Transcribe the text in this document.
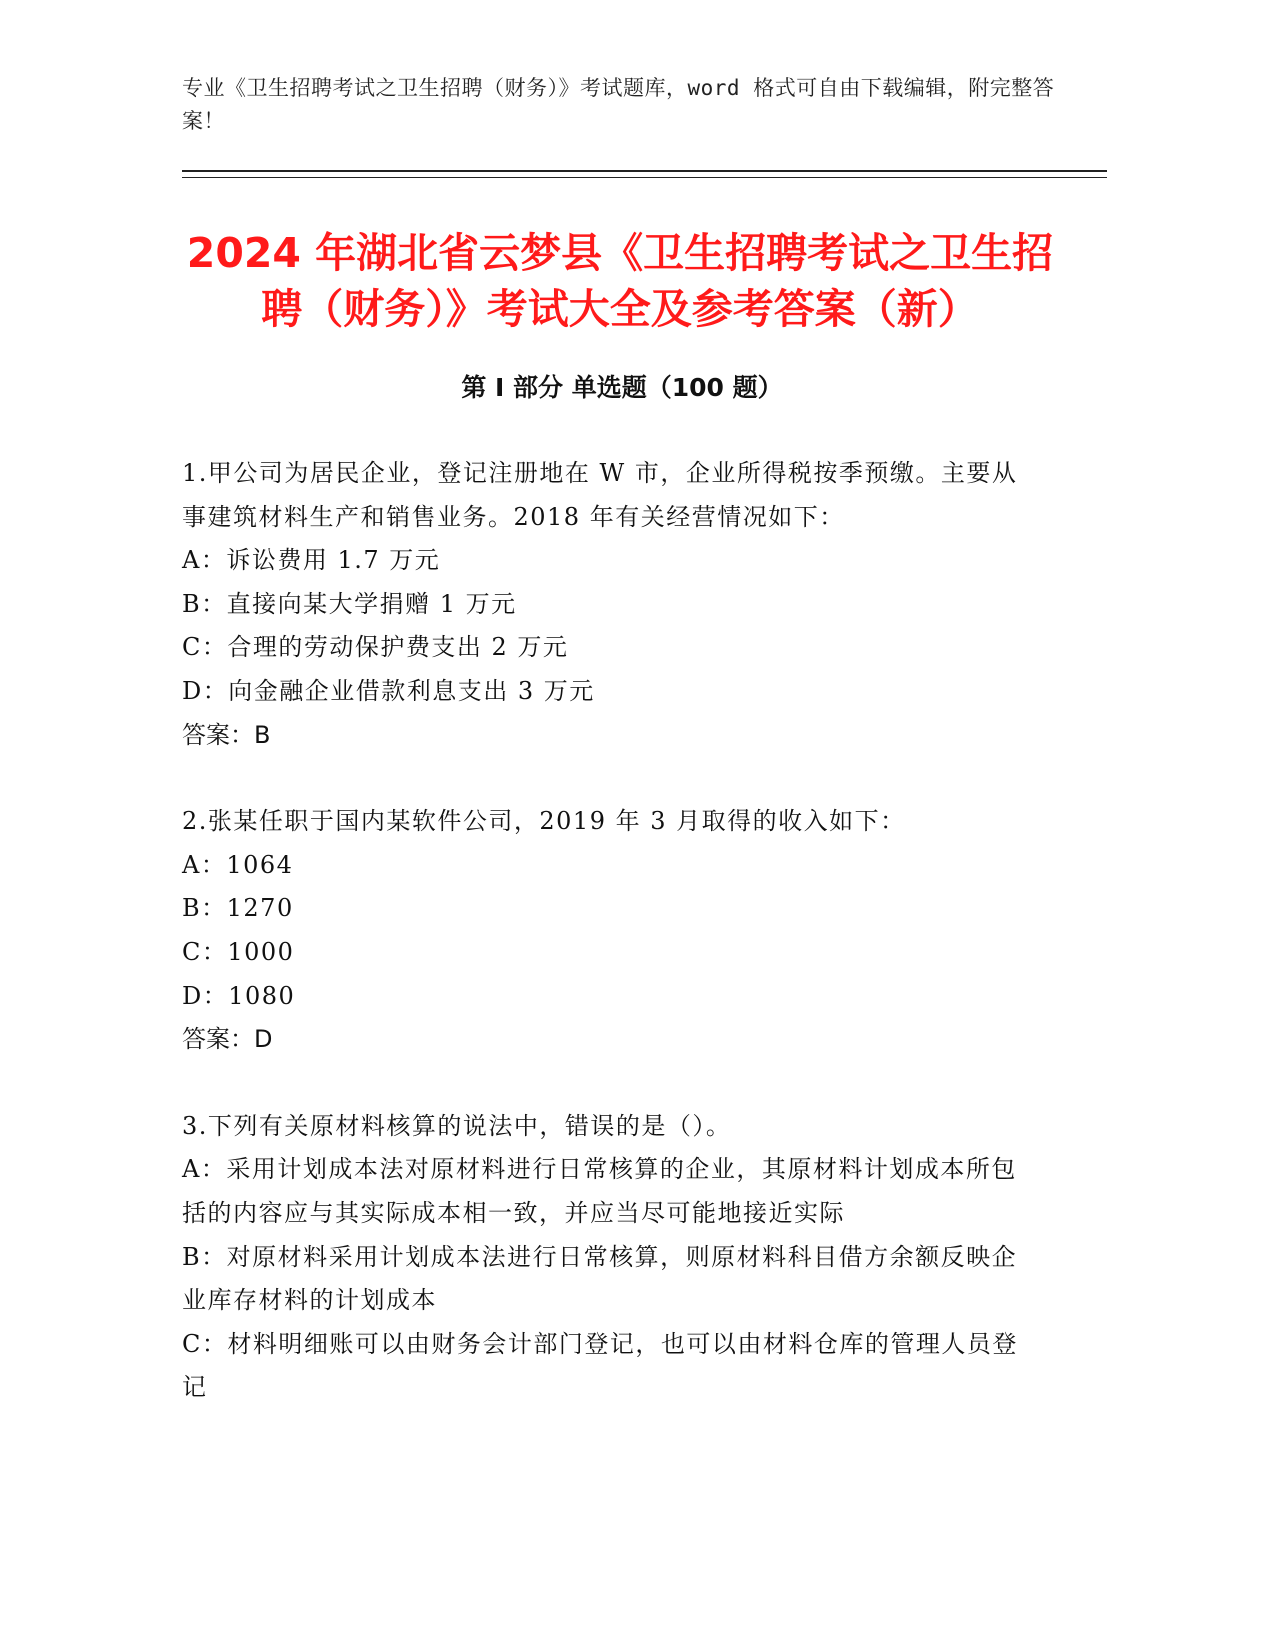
专业《卫生招聘考试之卫生招聘（财务）》考试题库，word 格式可自由下载编辑，附完整答案！
2024 年湖北省云梦县《卫生招聘考试之卫生招聘（财务）》考试大全及参考答案（新）
第 I 部分 单选题（100 题）

1.甲公司为居民企业，登记注册地在 W 市，企业所得税按季预缴。主要从事建筑材料生产和销售业务。2018 年有关经营情况如下：

A：诉讼费用 1.7 万元

B：直接向某大学捐赠 1 万元

C：合理的劳动保护费支出 2 万元

D：向金融企业借款利息支出 3 万元

答案：B

2.张某任职于国内某软件公司，2019 年 3 月取得的收入如下：

A：1064

B：1270

C：1000

D：1080

答案：D

3.下列有关原材料核算的说法中，错误的是（）。

A：采用计划成本法对原材料进行日常核算的企业，其原材料计划成本所包括的内容应与其实际成本相一致，并应当尽可能地接近实际

B：对原材料采用计划成本法进行日常核算，则原材料科目借方余额反映企业库存材料的计划成本

C：材料明细账可以由财务会计部门登记，也可以由材料仓库的管理人员登记
